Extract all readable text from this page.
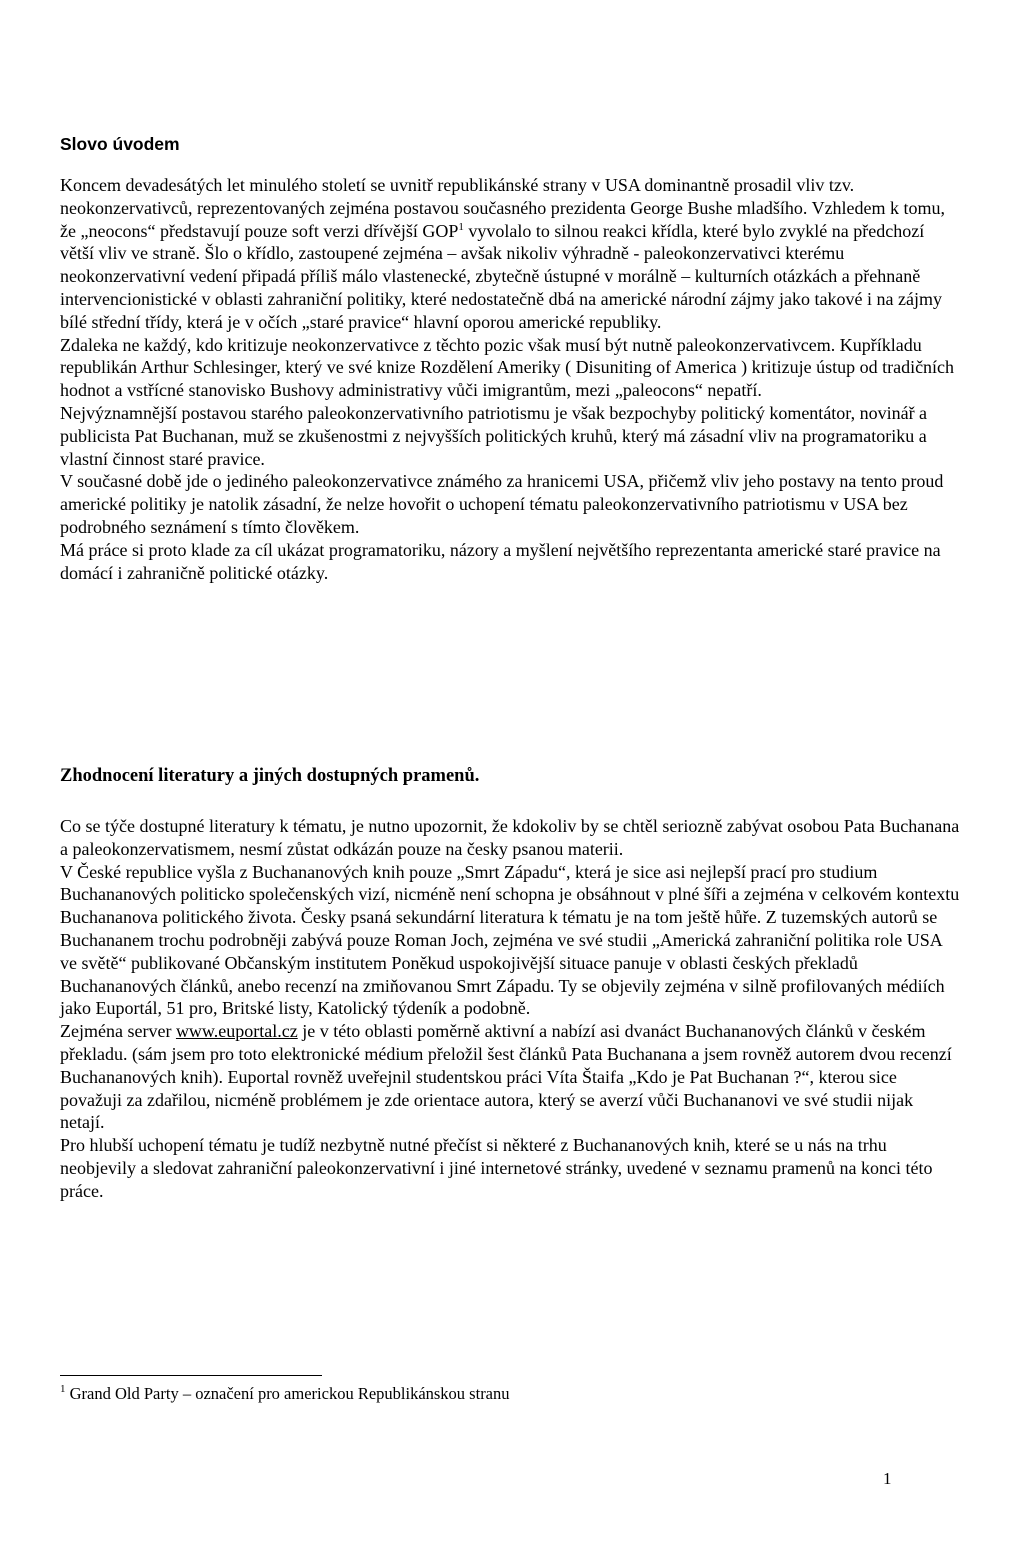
Slovo úvodem

Koncem devadesátých let minulého století se uvnitř republikánské strany v USA dominantně prosadil vliv tzv. neokonzervativců, reprezentovaných zejména postavou současného prezidenta George Bushe mladšího. Vzhledem k tomu, že „neocons“ představují pouze soft verzi dřívější GOP$^1$ vyvolalo to silnou reakci křídla, které bylo zvyklé na předchozí větší vliv ve straně. Šlo o křídlo, zastoupené zejména – avšak nikoliv výhradně - paleokonzervativci kterému neokonzervativní vedení připadá příliš málo vlastenecké, zbytečně ústupné v morálně – kulturních otázkách a přehnaně intervencionistické v oblasti zahraniční politiky, které nedostatečně dbá na americké národní zájmy jako takové i na zájmy bílé střední třídy, která je v očích „staré pravice“ hlavní oporou americké republiky.

Zdaleka ne každý, kdo kritizuje neokonzervativce z těchto pozic však musí být nutně paleokonzervativcem. Kupříkladu republikán Arthur Schlesinger, který ve své knize Rozdělení Ameriky ( Disuniting of America ) kritizuje ústup od tradičních hodnot a vstřícné stanovisko Bushovy administrativy vůči imigrantům, mezi „paleocons“ nepatří.

Nejvýznamnější postavou starého paleokonzervativního patriotismu je však bezpochyby politický komentátor, novinář a publicista Pat Buchanan, muž se zkušenostmi z nejvyšších politických kruhů, který má zásadní vliv na programatoriku a vlastní činnost staré pravice.

V současné době jde o jediného paleokonzervativce známého za hranicemi USA, přičemž vliv jeho postavy na tento proud americké politiky je natolik zásadní, že nelze hovořit o uchopení tématu paleokonzervativního patriotismu v USA bez podrobného seznámení s tímto člověkem.

Má práce si proto klade za cíl ukázat programatoriku, názory a myšlení největšího reprezentanta americké staré pravice na domácí i zahraničně politické otázky.

Zhodnocení literatury a jiných dostupných pramenů.

Co se týče dostupné literatury k tématu, je nutno upozornit, že kdokoliv by se chtěl seriozně zabývat osobou Pata Buchanana a paleokonzervatismem, nesmí zůstat odkázán pouze na česky psanou materii.

V České republice vyšla z Buchananových knih pouze „Smrt Západu“, která je sice asi nejlepší prací pro studium Buchananových politicko společenských vizí, nicméně není schopna je obsáhnout v plné šíři a zejména v celkovém kontextu Buchananova politického života. Česky psaná sekundární literatura k tématu je na tom ještě hůře. Z tuzemských autorů se Buchananem trochu podrobněji zabývá pouze Roman Joch, zejména ve své studii „Americká zahraniční politika role USA ve světě“ publikované Občanským institutem Poněkud uspokojivější situace panuje v oblasti českých překladů Buchananových článků, anebo recenzí na zmiňovanou Smrt Západu. Ty se objevily zejména v silně profilovaných médiích jako Euportál, 51 pro, Britské listy, Katolický týdeník a podobně.

Zejména server www.euportal.cz je v této oblasti poměrně aktivní a nabízí asi dvanáct Buchananových článků v českém překladu. (sám jsem pro toto elektronické médium přeložil šest článků Pata Buchanana a jsem rovněž autorem dvou recenzí Buchananových knih). Euportal rovněž uveřejnil studentskou práci Víta Štaifa „Kdo je Pat Buchanan ?“, kterou sice považuji za zdařilou, nicméně problémem je zde orientace autora, který se averzí vůči Buchananovi ve své studii nijak netají.

Pro hlubší uchopení tématu je tudíž nezbytně nutné přečíst si některé z Buchananových knih, které se u nás na trhu neobjevily a sledovat zahraniční paleokonzervativní i jiné internetové stránky, uvedené v seznamu pramenů na konci této práce.

$^1$ Grand Old Party – označení pro americkou Republikánskou stranu
1
